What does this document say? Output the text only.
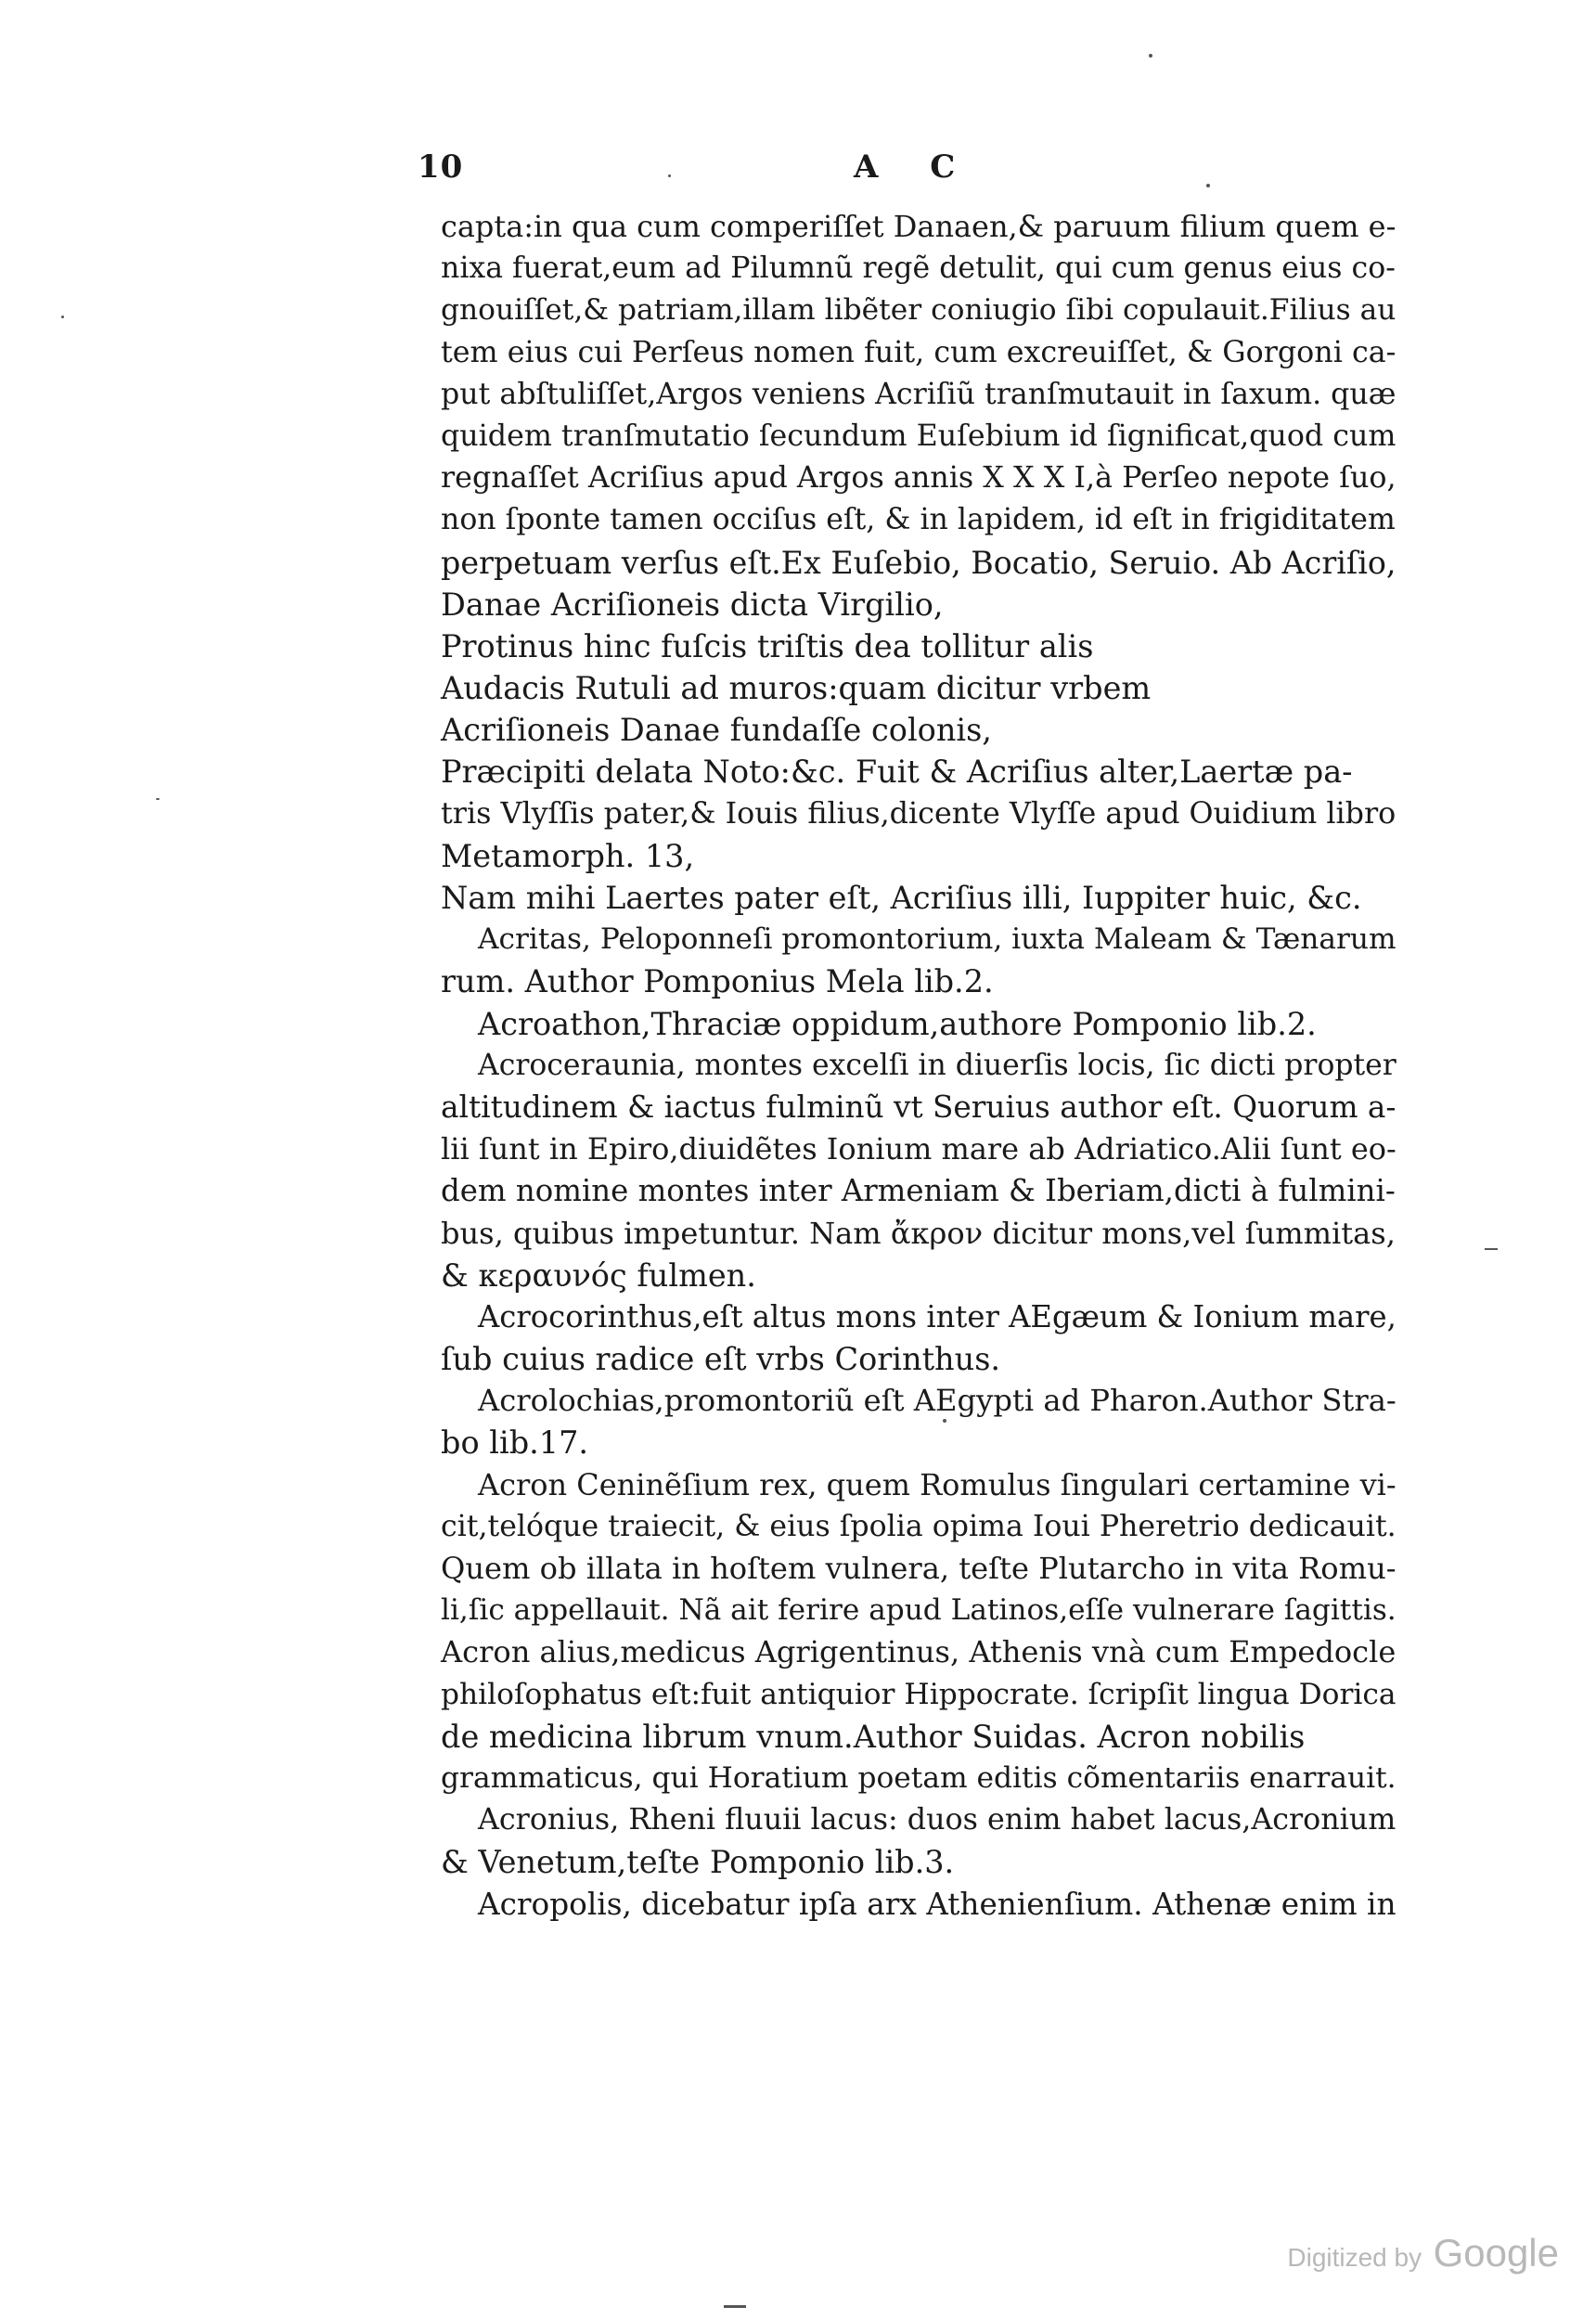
10	A C
capta:in qua cum comperiſſet Danaen,& paruum filium quem e-
nixa fuerat,eum ad Pilumnũ regẽ detulit, qui cum genus eius co-
gnouiſſet,& patriam,illam libẽter coniugio ſibi copulauit.Filius au
tem eius cui Perſeus nomen fuit, cum excreuiſſet, & Gorgoni ca-
put abſtuliſſet,Argos veniens Acriſiũ tranſmutauit in ſaxum. quæ
quidem tranſmutatio ſecundum Euſebium id ſignificat,quod cum
regnaſſet Acriſius apud Argos annis X X X I,à Perſeo nepote ſuo,
non ſponte tamen occiſus eſt, & in lapidem, id eſt in frigiditatem
perpetuam verſus eſt.Ex Euſebio, Bocatio, Seruio. Ab Acriſio,
Danae Acriſioneis dicta Virgilio,
Protinus hinc fuſcis triſtis dea tollitur alis
Audacis Rutuli ad muros:quam dicitur vrbem
Acriſioneis Danae fundaſſe colonis,
Præcipiti delata Noto:&c. Fuit & Acriſius alter,Laertæ pa-
tris Vlyſſis pater,& Iouis filius,dicente Vlyſſe apud Ouidium libro
Metamorph. 13,
Nam mihi Laertes pater eſt, Acriſius illi, Iuppiter huic, &c.
Acritas, Peloponneſi promontorium, iuxta Maleam & Tænarum
rum. Author Pomponius Mela lib.2.
Acroathon,Thraciæ oppidum,authore Pomponio lib.2.
Acroceraunia, montes excelſi in diuerſis locis, ſic dicti propter
altitudinem & iactus fulminũ vt Seruius author eſt. Quorum a-
lii ſunt in Epiro,diuidẽtes Ionium mare ab Adriatico.Alii ſunt eo-
dem nomine montes inter Armeniam & Iberiam,dicti à fulmini-
bus, quibus impetuntur. Nam ἄκρον dicitur mons,vel ſummitas,
& κεραυνός fulmen.
Acrocorinthus,eſt altus mons inter AEgæum & Ionium mare,
ſub cuius radice eſt vrbs Corinthus.
Acrolochias,promontoriũ eſt AEgypti ad Pharon.Author Stra-
bo lib.17.
Acron Ceninẽſium rex, quem Romulus ſingulari certamine vi-
cit,telóque traiecit, & eius ſpolia opima Ioui Pheretrio dedicauit.
Quem ob illata in hoſtem vulnera, teſte Plutarcho in vita Romu-
li,ſic appellauit. Nã ait ferire apud Latinos,eſſe vulnerare ſagittis.
Acron alius,medicus Agrigentinus, Athenis vnà cum Empedocle
philoſophatus eſt:fuit antiquior Hippocrate. ſcripſit lingua Dorica
de medicina librum vnum.Author Suidas. Acron nobilis
grammaticus, qui Horatium poetam editis cõmentariis enarrauit.
Acronius, Rheni fluuii lacus: duos enim habet lacus,Acronium
& Venetum,teſte Pomponio lib.3.
Acropolis, dicebatur ipſa arx Athenienſium. Athenæ enim in
Digitized by Google
